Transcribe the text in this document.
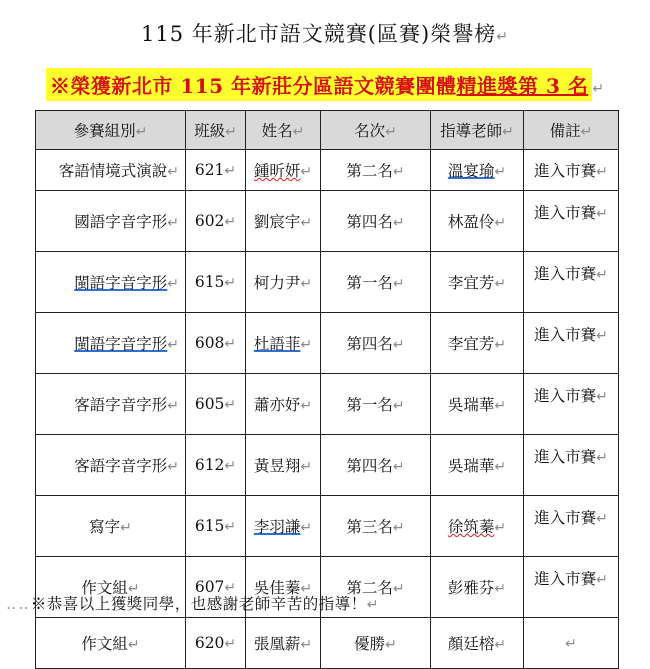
115 年新北市語文競賽(區賽)榮譽榜↵
※榮獲新北市 115 年新莊分區語文競賽團體精進獎第 3 名 ↵
參賽組別↵	班級↵	姓名↵	名次↵	指導老師↵	備註↵
客語情境式演說↵	621↵	鍾昕妍↵	第二名↵	溫宴瑜↵	進入市賽↵
國語字音字形↵	602↵	劉宸宇↵	第四名↵	林盈伶↵	進入市賽↵
閩語字音字形↵	615↵	柯力尹↵	第一名↵	李宜芳↵	進入市賽↵
閩語字音字形↵	608↵	杜語菲↵	第四名↵	李宜芳↵	進入市賽↵
客語字音字形↵	605↵	蕭亦妤↵	第一名↵	吳瑞華↵	進入市賽↵
客語字音字形↵	612↵	黃昱翔↵	第四名↵	吳瑞華↵	進入市賽↵
寫字↵	615↵	李羽謙↵	第三名↵	徐筑蓁↵	進入市賽↵
作文組↵	607↵	吳佳蓁↵	第二名↵	彭雅芬↵	進入市賽↵
作文組↵	620↵	張凰薪↵	優勝↵	顏廷榕↵	↵
‥‥※恭喜以上獲獎同學，也感謝老師辛苦的指導！↵
